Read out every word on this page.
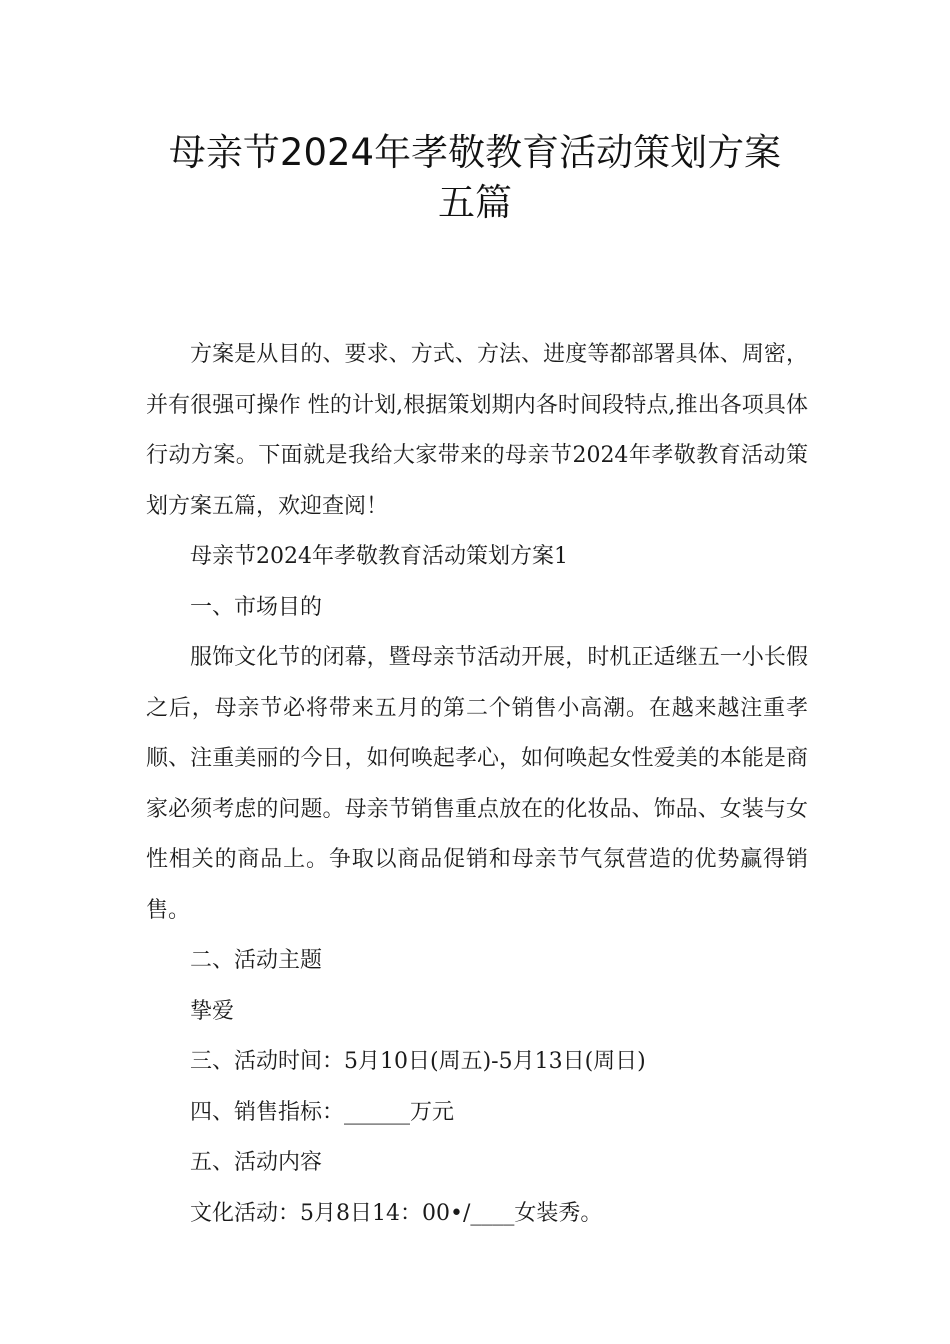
母亲节2024年孝敬教育活动策划方案
五篇

方案是从目的、要求、方式、方法、进度等都部署具体、周密，并有很强可操作 性的计划,根据策划期内各时间段特点,推出各项具体行动方案。下面就是我给大家带来的母亲节2024年孝敬教育活动策划方案五篇，欢迎查阅！

母亲节2024年孝敬教育活动策划方案1

一、市场目的

服饰文化节的闭幕，暨母亲节活动开展，时机正适继五一小长假之后，母亲节必将带来五月的第二个销售小高潮。在越来越注重孝顺、注重美丽的今日，如何唤起孝心，如何唤起女性爱美的本能是商家必须考虑的问题。母亲节销售重点放在的化妆品、饰品、女装与女性相关的商品上。争取以商品促销和母亲节气氛营造的优势赢得销售。

二、活动主题

挚爱

三、活动时间：5月10日(周五)-5月13日(周日)

四、销售指标：______万元

五、活动内容

文化活动：5月8日14：00•/____女装秀。
